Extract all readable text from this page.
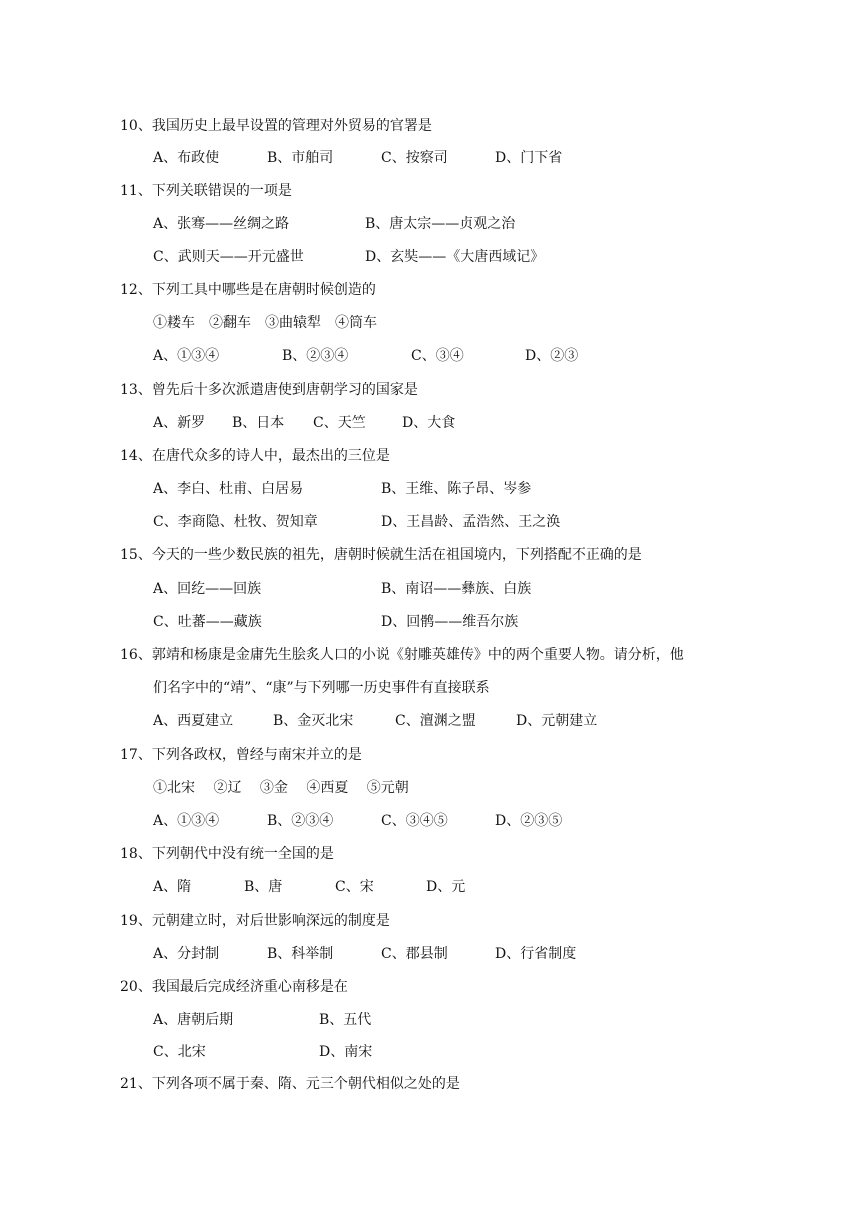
10、我国历史上最早设置的管理对外贸易的官署是
A、布政使	B、市舶司	C、按察司	D、门下省
11、下列关联错误的一项是
A、张骞——丝绸之路	B、唐太宗——贞观之治
C、武则天——开元盛世	D、玄奘——《大唐西域记》
12、下列工具中哪些是在唐朝时候创造的
①耧车　②翻车　③曲辕犁　④筒车
A、①③④	B、②③④	C、③④	D、②③
13、曾先后十多次派遣唐使到唐朝学习的国家是
A、新罗 B、日本 C、天竺	D、大食
14、在唐代众多的诗人中，最杰出的三位是
A、李白、杜甫、白居易	B、王维、陈子昂、岑参
C、李商隐、杜牧、贺知章	D、王昌龄、孟浩然、王之涣
15、今天的一些少数民族的祖先，唐朝时候就生活在祖国境内，下列搭配不正确的是
A、回纥——回族	B、南诏——彝族、白族
C、吐蕃——藏族	D、回鹘——维吾尔族
16、郭靖和杨康是金庸先生脍炙人口的小说《射雕英雄传》中的两个重要人物。请分析，他
们名字中的“靖”、“康”与下列哪一历史事件有直接联系
A、西夏建立	B、金灭北宋	C、澶渊之盟	D、元朝建立
17、下列各政权，曾经与南宋并立的是
①北宋　 ②辽　 ③金　 ④西夏　 ⑤元朝
A、①③④	B、②③④	C、③④⑤	D、②③⑤
18、下列朝代中没有统一全国的是
A、隋	B、唐	C、宋	D、元
19、元朝建立时，对后世影响深远的制度是
A、分封制	B、科举制	C、郡县制	D、行省制度
20、我国最后完成经济重心南移是在
A、唐朝后期	B、五代
C、北宋	D、南宋
21、下列各项不属于秦、隋、元三个朝代相似之处的是
